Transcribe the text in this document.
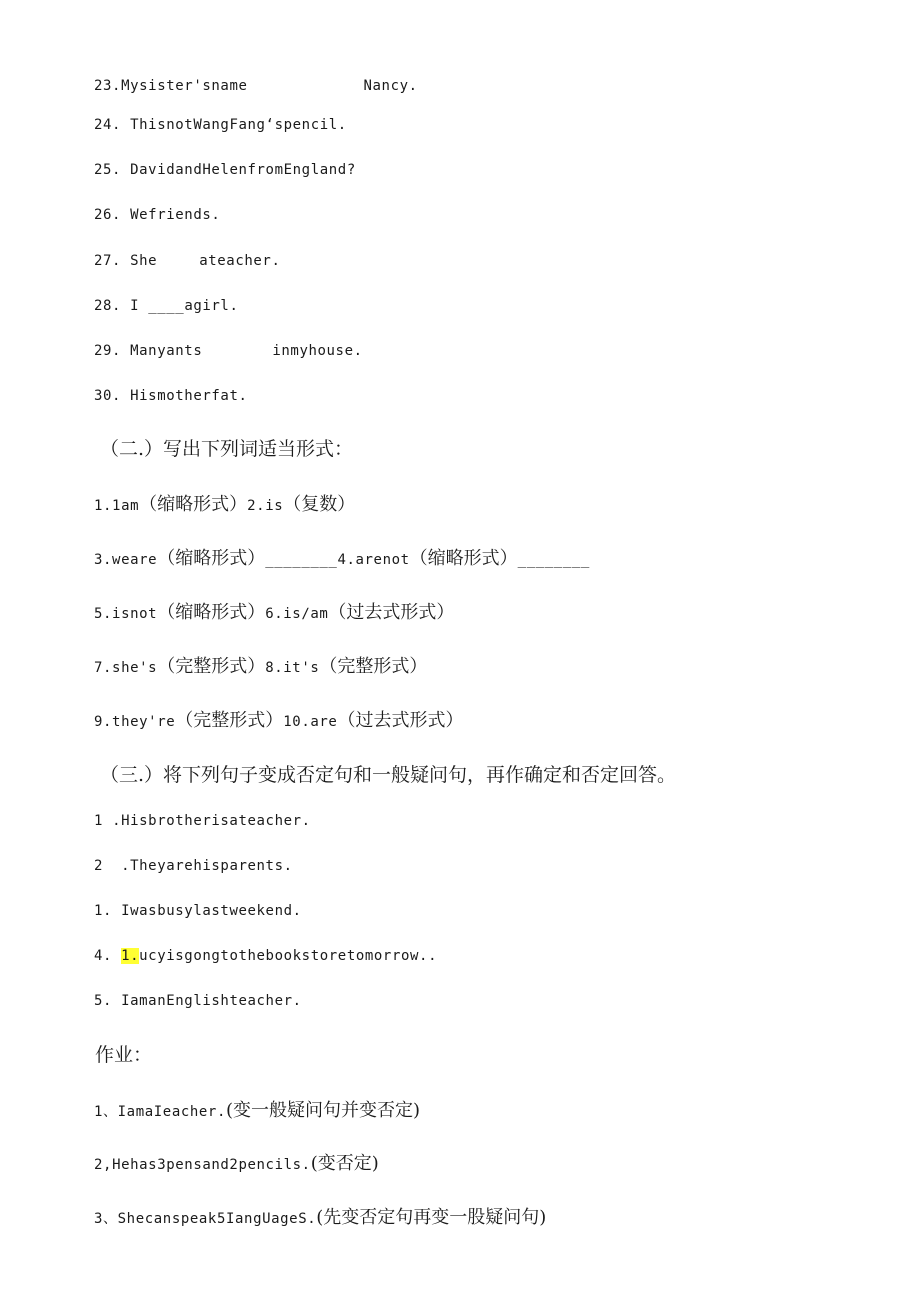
23.Mysister'sname	Nancy.
24. ThisnotWangFang‘spencil.
25. DavidandHelenfromEngland?
26. Wefriends.
27. She	ateacher.
28. I ____agirl.
29. Manyants	inmyhouse.
30. Hismotherfat.
（二.）写出下列词适当形式：
1.1am（缩略形式）2.is（复数）
3.weare（缩略形式）________4.arenot（缩略形式）________
5.isnot（缩略形式）6.is∕am（过去式形式）
7.she's（完整形式）8.it's（完整形式）
9.they're（完整形式）10.are（过去式形式）
（三.）将下列句子变成否定句和一般疑问句，再作确定和否定回答。
1 .Hisbrotherisateacher.
2 .Theyarehisparents.
1. Iwasbusylastweekend.
4. 1.ucyisgongtothebookstoretomorrow..
5. IamanEnglishteacher.
作业：
1、IamaIeacher.(变一般疑问句并变否定)
2,Hehas3pensand2pencils.(变否定)
3、Shecanspeak5IangUageS.(先变否定句再变一股疑问句)
